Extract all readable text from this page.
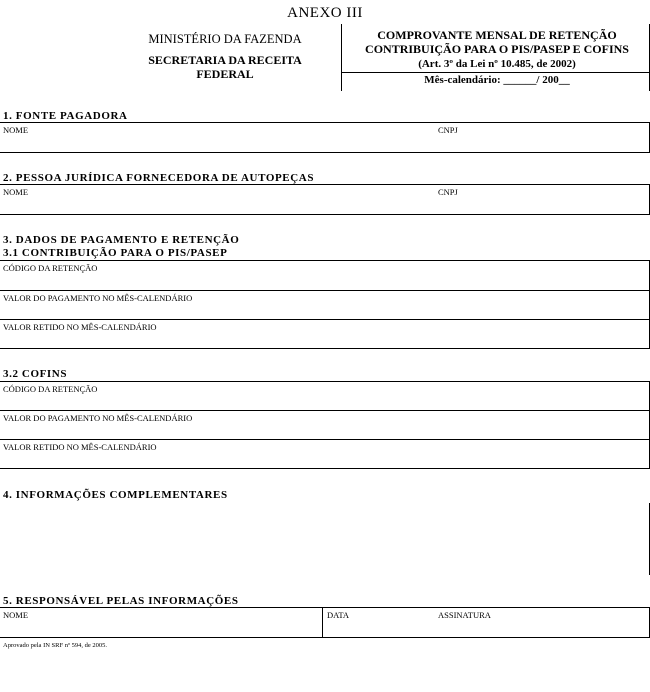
ANEXO III
MINISTÉRIO DA FAZENDA
SECRETARIA DA RECEITA
FEDERAL
COMPROVANTE MENSAL DE RETENÇÃO
CONTRIBUIÇÃO PARA O PIS/PASEP E COFINS
(Art. 3º da Lei nº 10.485, de 2002)
Mês-calendário: ______/ 200__
1. FONTE PAGADORA
NOME	CNPJ
2. PESSOA JURÍDICA FORNECEDORA DE AUTOPEÇAS
NOME	CNPJ
3. DADOS DE PAGAMENTO E RETENÇÃO
3.1 CONTRIBUIÇÃO PARA O PIS/PASEP
CÓDIGO DA RETENÇÃO
VALOR DO PAGAMENTO NO MÊS-CALENDÁRIO
VALOR RETIDO NO MÊS-CALENDÁRIO
3.2 COFINS
CÓDIGO DA RETENÇÃO
VALOR DO PAGAMENTO NO MÊS-CALENDÁRIO
VALOR RETIDO NO MÊS-CALENDÁRIO
4. INFORMAÇÕES COMPLEMENTARES
5. RESPONSÁVEL PELAS INFORMAÇÕES
NOME	DATA	ASSINATURA
Aprovado pela IN SRF nº 594, de 2005.
